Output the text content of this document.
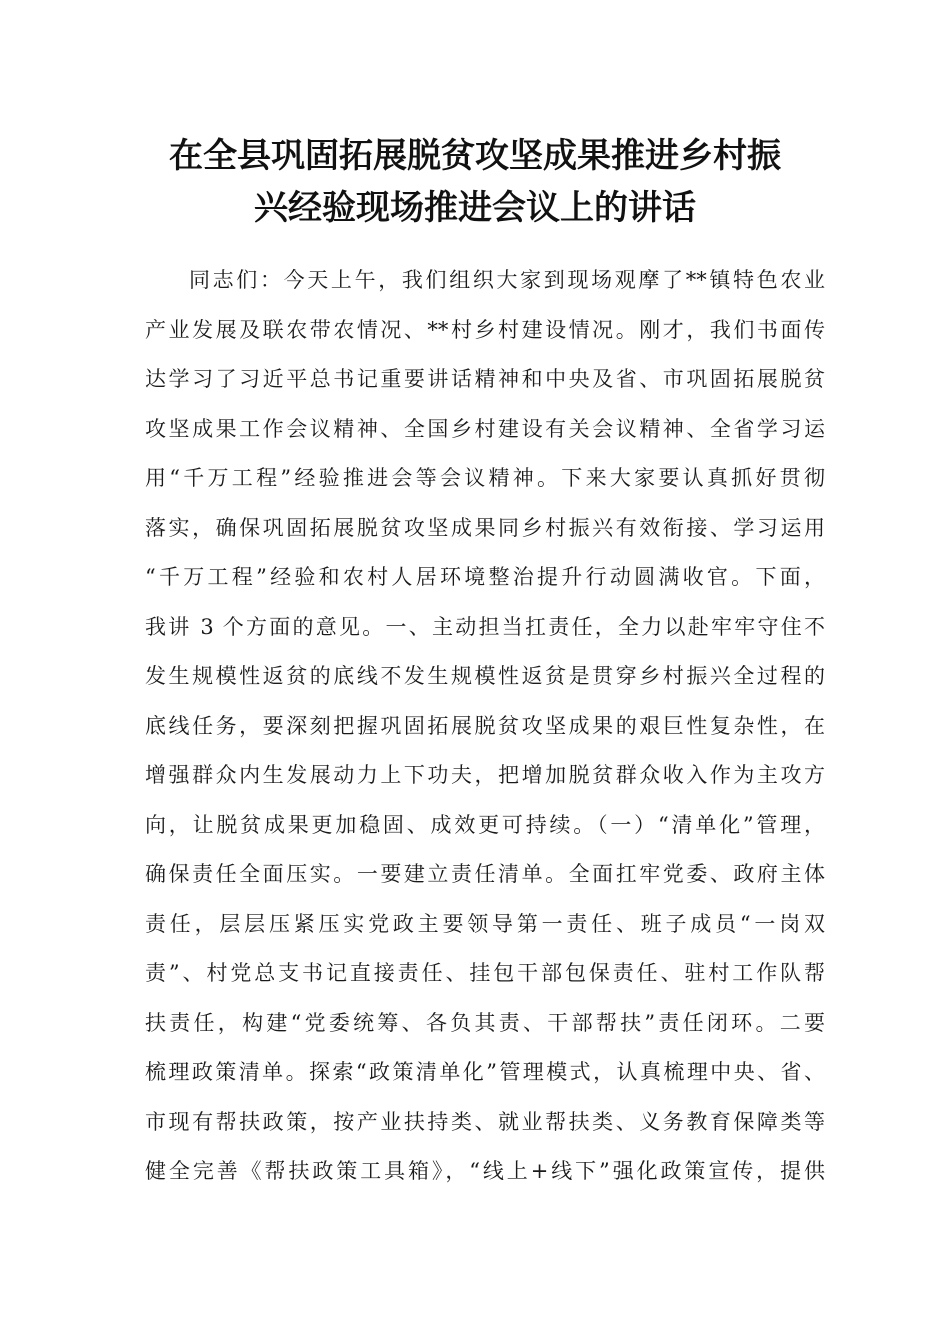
在全县巩固拓展脱贫攻坚成果推进乡村振
兴经验现场推进会议上的讲话
同志们：今天上午，我们组织大家到现场观摩了**镇特色农业
产业发展及联农带农情况、**村乡村建设情况。刚才，我们书面传
达学习了习近平总书记重要讲话精神和中央及省、市巩固拓展脱贫
攻坚成果工作会议精神、全国乡村建设有关会议精神、全省学习运
用“千万工程”经验推进会等会议精神。下来大家要认真抓好贯彻
落实，确保巩固拓展脱贫攻坚成果同乡村振兴有效衔接、学习运用
“千万工程”经验和农村人居环境整治提升行动圆满收官。下面，
我讲 3 个方面的意见。一、主动担当扛责任，全力以赴牢牢守住不
发生规模性返贫的底线不发生规模性返贫是贯穿乡村振兴全过程的
底线任务，要深刻把握巩固拓展脱贫攻坚成果的艰巨性复杂性，在
增强群众内生发展动力上下功夫，把增加脱贫群众收入作为主攻方
向，让脱贫成果更加稳固、成效更可持续。（一）“清单化”管理，
确保责任全面压实。一要建立责任清单。全面扛牢党委、政府主体
责任，层层压紧压实党政主要领导第一责任、班子成员“一岗双
责”、村党总支书记直接责任、挂包干部包保责任、驻村工作队帮
扶责任，构建“党委统筹、各负其责、干部帮扶”责任闭环。二要
梳理政策清单。探索“政策清单化”管理模式，认真梳理中央、省、
市现有帮扶政策，按产业扶持类、就业帮扶类、义务教育保障类等
健全完善《帮扶政策工具箱》，“线上+线下”强化政策宣传，提供
